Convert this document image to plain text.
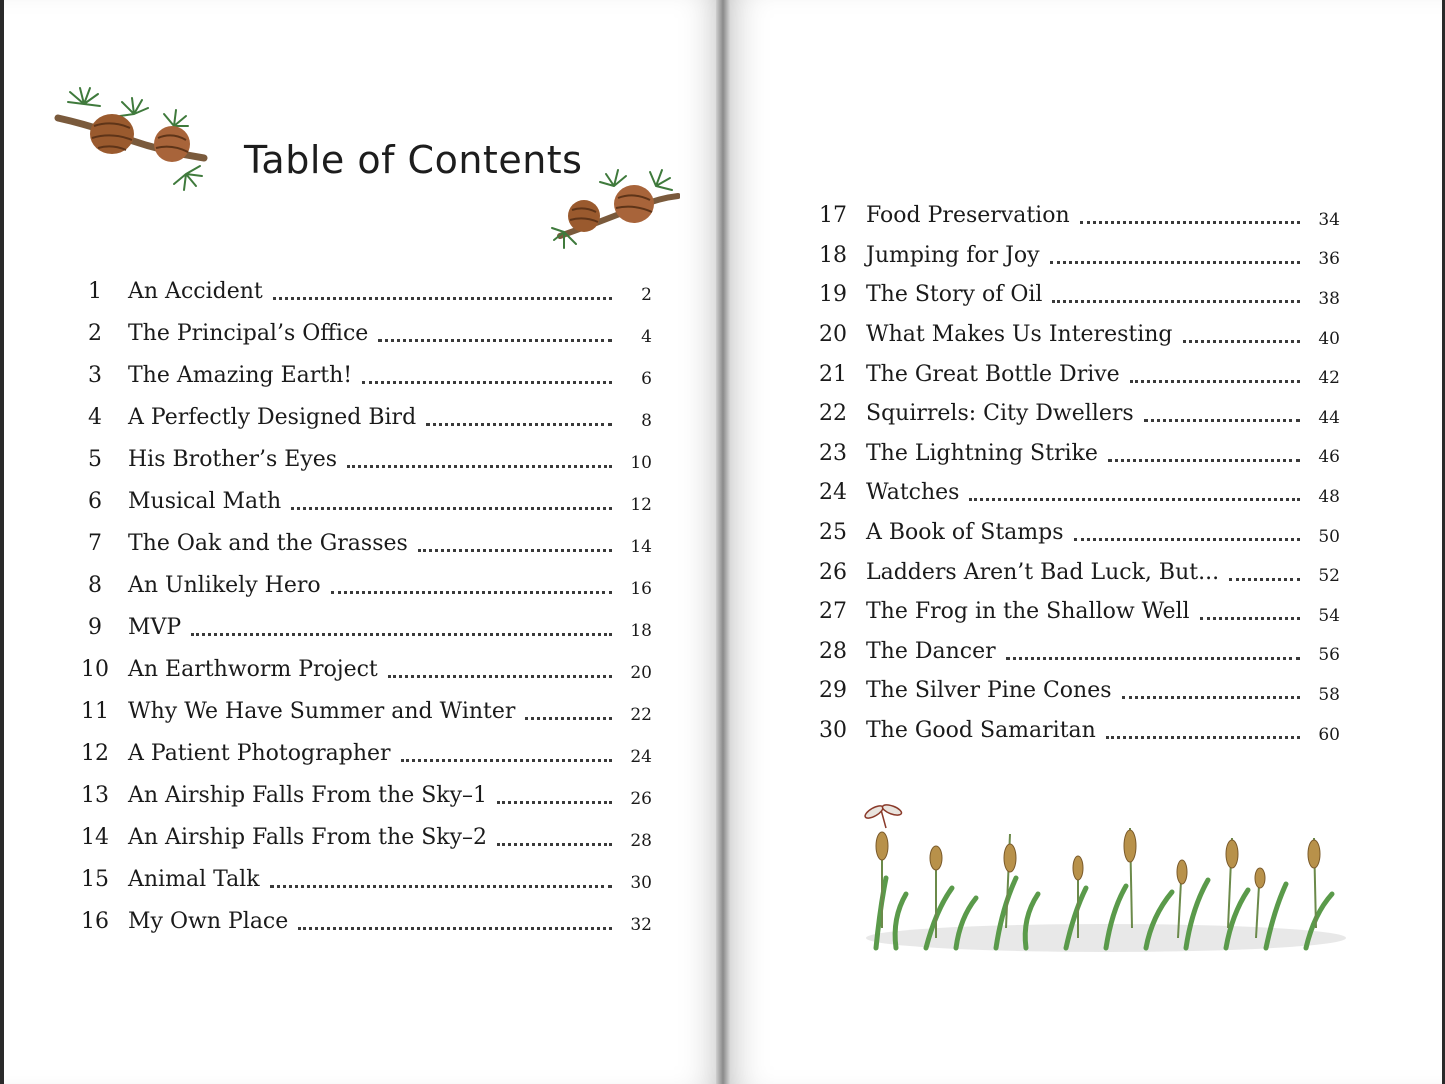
Table of Contents
1	An Accident	2
2	The Principal’s Office	4
3	The Amazing Earth!	6
4	A Perfectly Designed Bird	8
5	His Brother’s Eyes	10
6	Musical Math	12
7	The Oak and the Grasses	14
8	An Unlikely Hero	16
9	MVP	18
10 An Earthworm Project	20
11 Why We Have Summer and Winter	22
12 A Patient Photographer	24
13 An Airship Falls From the Sky–1	26
14 An Airship Falls From the Sky–2	28
15 Animal Talk	30
16 My Own Place	32
17 Food Preservation	34
18 Jumping for Joy	36
19 The Story of Oil	38
20 What Makes Us Interesting	40
21 The Great Bottle Drive	42
22 Squirrels: City Dwellers	44
23 The Lightning Strike	46
24 Watches	48
25 A Book of Stamps	50
26 Ladders Aren’t Bad Luck, But...	52
27 The Frog in the Shallow Well	54
28 The Dancer	56
29 The Silver Pine Cones	58
30 The Good Samaritan	60
